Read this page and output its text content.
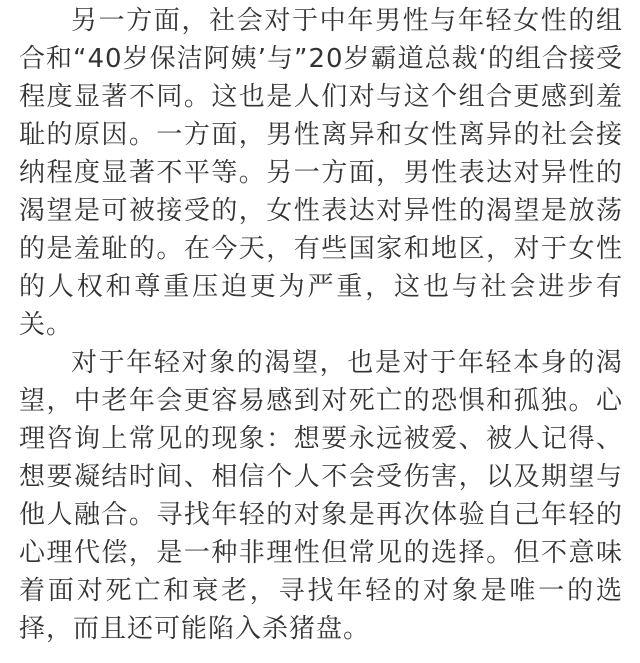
另一方面，社会对于中年男性与年轻女性的组合和“40岁保洁阿姨’与”20岁霸道总裁‘的组合接受程度显著不同。这也是人们对与这个组合更感到羞耻的原因。一方面，男性离异和女性离异的社会接纳程度显著不平等。另一方面，男性表达对异性的渴望是可被接受的，女性表达对异性的渴望是放荡的是羞耻的。在今天，有些国家和地区，对于女性的人权和尊重压迫更为严重，这也与社会进步有关。

对于年轻对象的渴望，也是对于年轻本身的渴望，中老年会更容易感到对死亡的恐惧和孤独。心理咨询上常见的现象：想要永远被爱、被人记得、想要凝结时间、相信个人不会受伤害，以及期望与他人融合。寻找年轻的对象是再次体验自己年轻的心理代偿，是一种非理性但常见的选择。但不意味着面对死亡和衰老，寻找年轻的对象是唯一的选择，而且还可能陷入杀猪盘。
